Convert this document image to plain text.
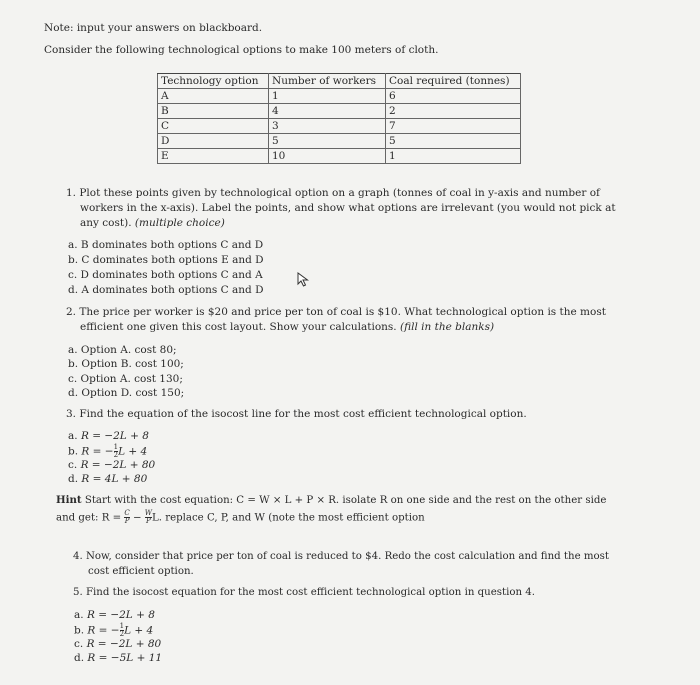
Note: input your answers on blackboard.
Consider the following technological options to make 100 meters of cloth.
Technology option	Number of workers	Coal required (tonnes)
A	1	6
B	4	2
C	3	7
D	5	5
E	10	1
1. Plot these points given by technological option on a graph (tonnes of coal in y-axis and number of
workers in the x-axis). Label the points, and show what options are irrelevant (you would not pick at
any cost). (multiple choice)
a. B dominates both options C and D
b. C dominates both options E and D
c. D dominates both options C and A
d. A dominates both options C and D
2. The price per worker is $20 and price per ton of coal is $10. What technological option is the most
efficient one given this cost layout. Show your calculations. (fill in the blanks)
a. Option A. cost 80;
b. Option B. cost 100;
c. Option A. cost 130;
d. Option D. cost 150;
3. Find the equation of the isocost line for the most cost efficient technological option.
a. R = −2L + 8
b. R = − $\frac{1}{2}$ L + 4
c. R = −2L + 80
d. R = 4L + 80
Hint Start with the cost equation: C = W × L + P × R. isolate R on one side and the rest on the other side
and get: $R = \frac{C}{P} - \frac{W}{P} L$. replace C, P, and W (note the most efficient option
4. Now, consider that price per ton of coal is reduced to $4. Redo the cost calculation and find the most
cost efficient option.
5. Find the isocost equation for the most cost efficient technological option in question 4.
a. R = −2L + 8
b. R = − $\frac{1}{2}$ L + 4
c. R = −2L + 80
d. R = −5L + 11
